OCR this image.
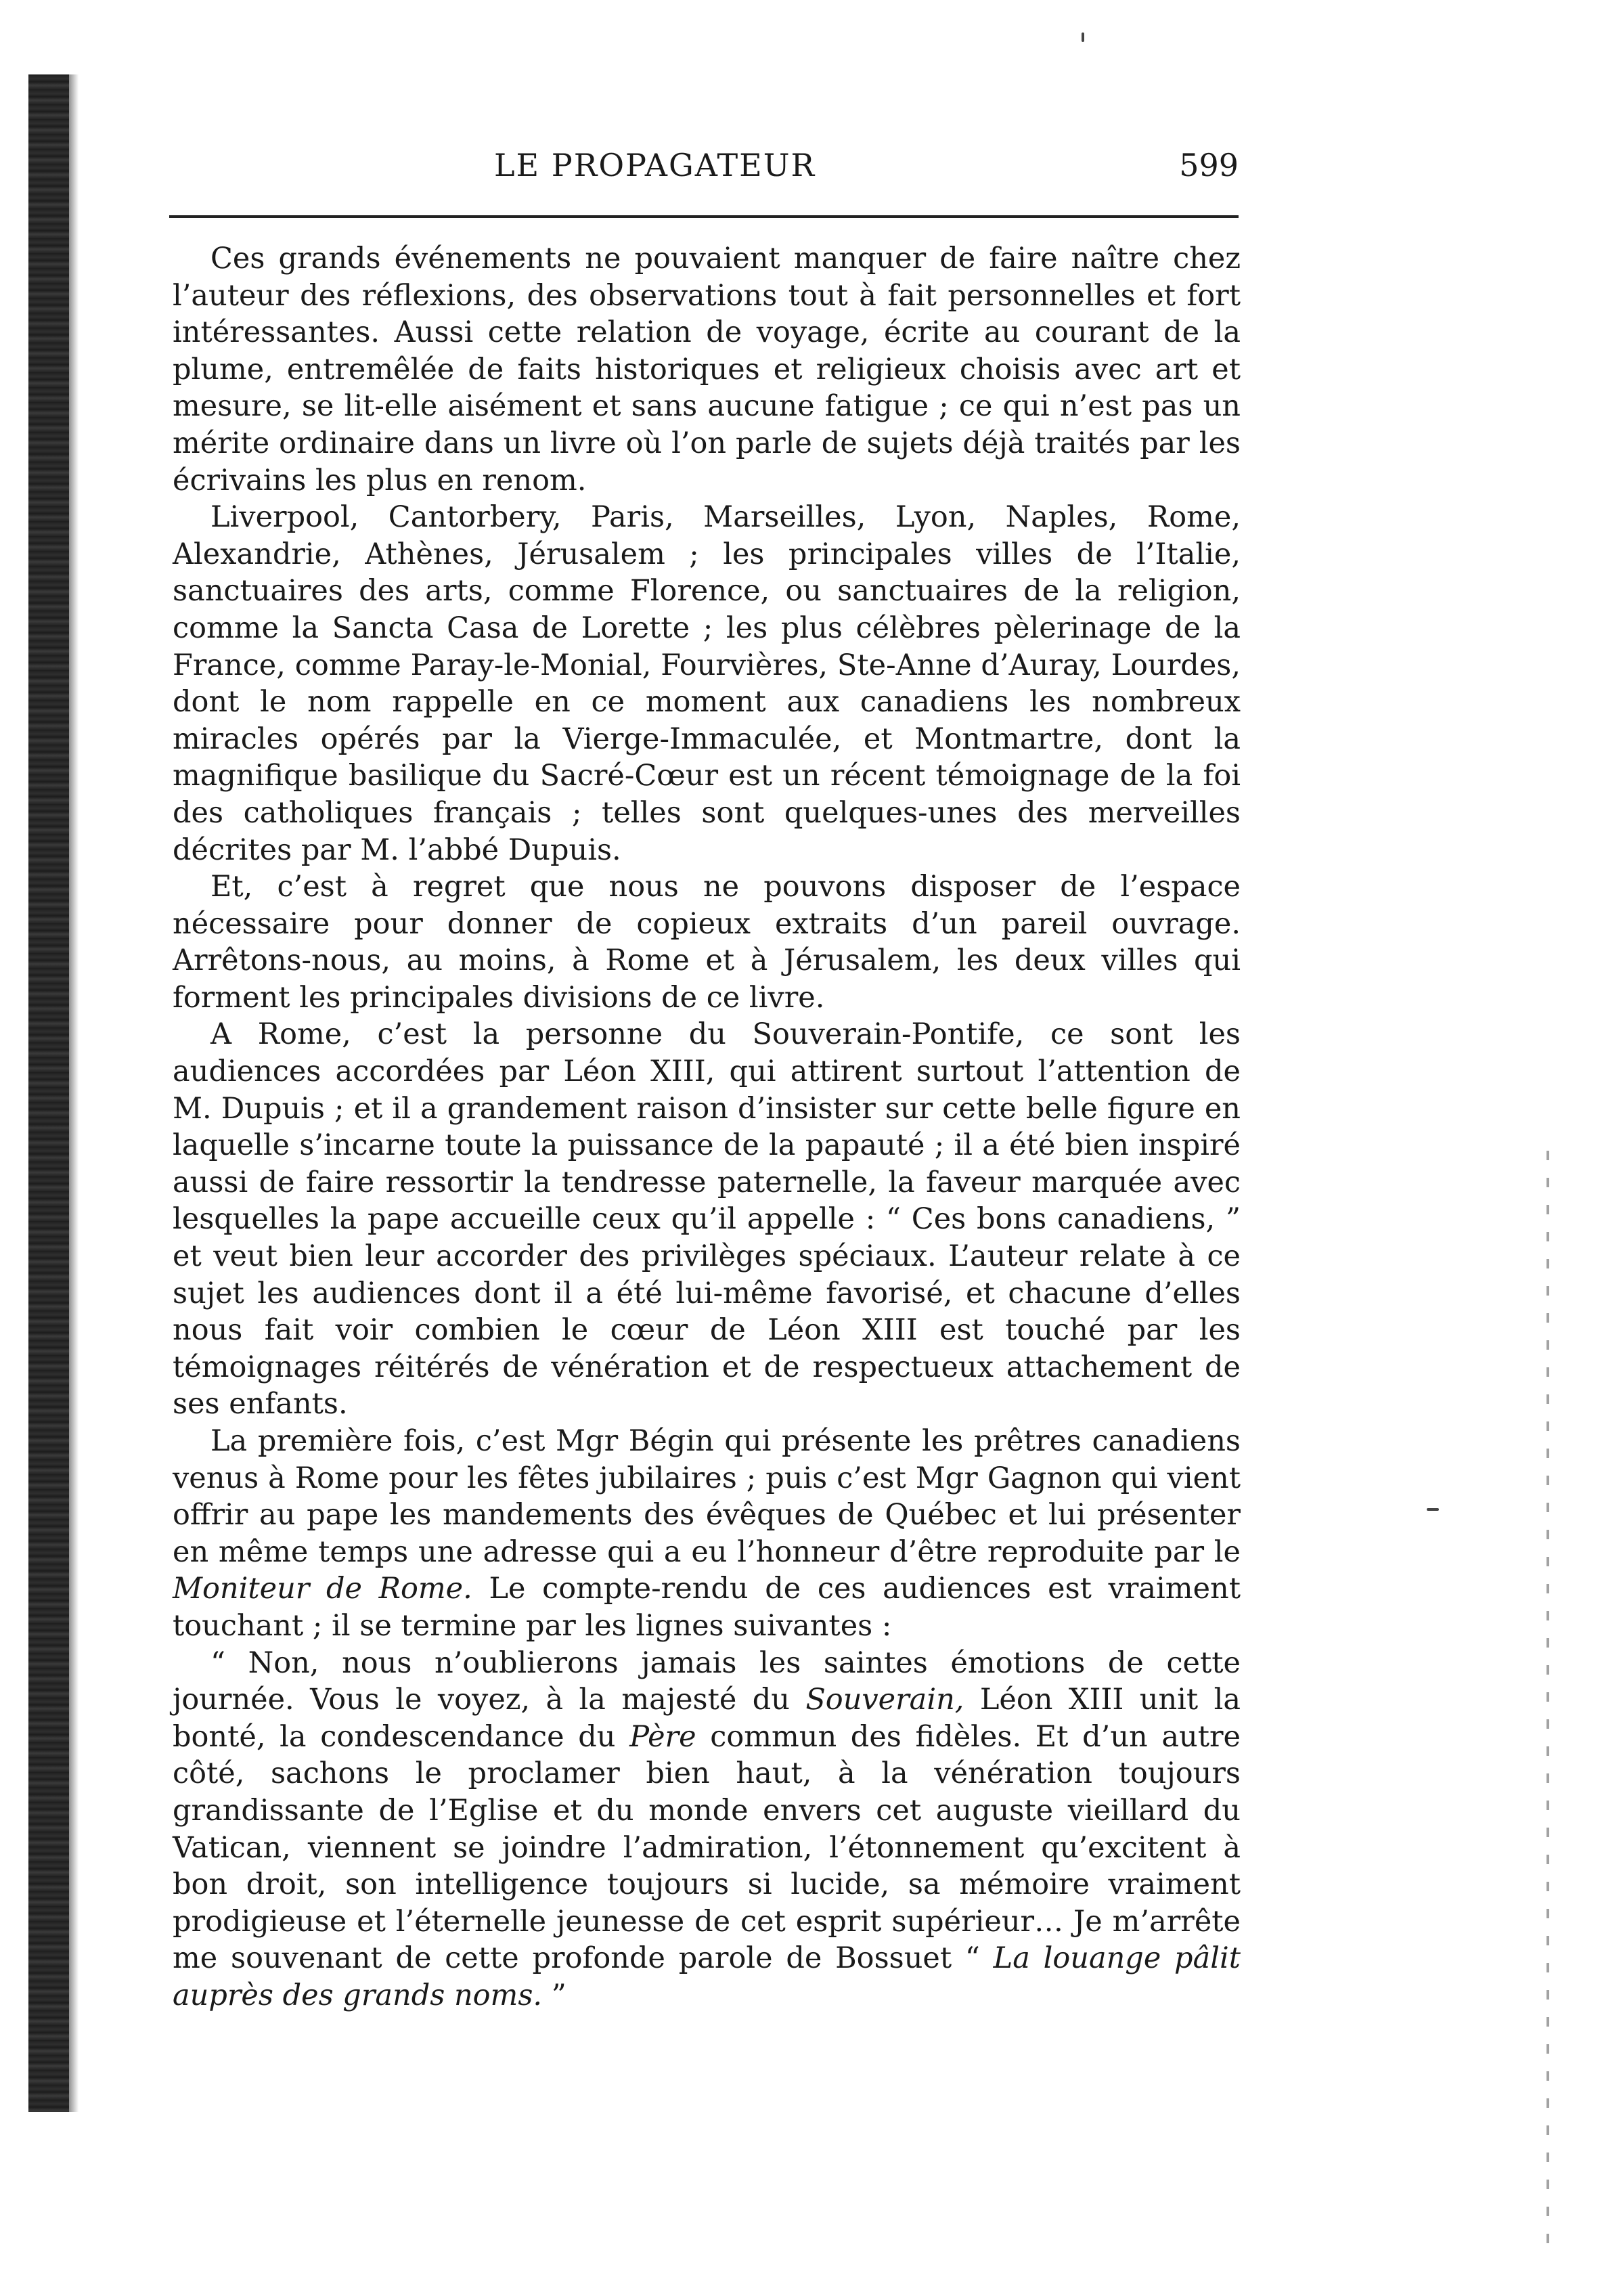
LE PROPAGATEUR	599

Ces grands événements ne pouvaient manquer de faire naître chez l’auteur des réflexions, des observations tout à fait personnelles et fort intéressantes. Aussi cette relation de voyage, écrite au courant de la plume, entremêlée de faits historiques et religieux choisis avec art et mesure, se lit-elle aisément et sans aucune fatigue ; ce qui n’est pas un mérite ordinaire dans un livre où l’on parle de sujets déjà traités par les écrivains les plus en renom.

Liverpool, Cantorbery, Paris, Marseilles, Lyon, Naples, Rome, Alexandrie, Athènes, Jérusalem ; les principales villes de l’Italie, sanctuaires des arts, comme Florence, ou sanctuaires de la religion, comme la Sancta Casa de Lorette ; les plus célèbres pèlerinage de la France, comme Paray-le-Monial, Fourvières, Ste-Anne d’Auray, Lourdes, dont le nom rappelle en ce moment aux canadiens les nombreux miracles opérés par la Vierge-Immaculée, et Montmartre, dont la magnifique basilique du Sacré-Cœur est un récent témoignage de la foi des catholiques français ; telles sont quelques-unes des merveilles décrites par M. l’abbé Dupuis.

Et, c’est à regret que nous ne pouvons disposer de l’espace nécessaire pour donner de copieux extraits d’un pareil ouvrage. Arrêtons-nous, au moins, à Rome et à Jérusalem, les deux villes qui forment les principales divisions de ce livre.

A Rome, c’est la personne du Souverain-Pontife, ce sont les audiences accordées par Léon XIII, qui attirent surtout l’attention de M. Dupuis ; et il a grandement raison d’insister sur cette belle figure en laquelle s’incarne toute la puissance de la papauté ; il a été bien inspiré aussi de faire ressortir la tendresse paternelle, la faveur marquée avec lesquelles la pape accueille ceux qu’il appelle : “ Ces bons canadiens, ” et veut bien leur accorder des privilèges spéciaux. L’auteur relate à ce sujet les audiences dont il a été lui-même favorisé, et chacune d’elles nous fait voir combien le cœur de Léon XIII est touché par les témoignages réitérés de vénération et de respectueux attachement de ses enfants.

La première fois, c’est Mgr Bégin qui présente les prêtres canadiens venus à Rome pour les fêtes jubilaires ; puis c’est Mgr Gagnon qui vient offrir au pape les mandements des évêques de Québec et lui présenter en même temps une adresse qui a eu l’honneur d’être reproduite par le Moniteur de Rome. Le compte-rendu de ces audiences est vraiment touchant ; il se termine par les lignes suivantes :

“ Non, nous n’oublierons jamais les saintes émotions de cette journée. Vous le voyez, à la majesté du Souverain, Léon XIII unit la bonté, la condescendance du Père commun des fidèles. Et d’un autre côté, sachons le proclamer bien haut, à la vénération toujours grandissante de l’Eglise et du monde envers cet auguste vieillard du Vatican, viennent se joindre l’admiration, l’étonnement qu’excitent à bon droit, son intelligence toujours si lucide, sa mémoire vraiment prodigieuse et l’éternelle jeunesse de cet esprit supérieur… Je m’arrête me souvenant de cette profonde parole de Bossuet “ La louange pâlit auprès des grands noms. ”
